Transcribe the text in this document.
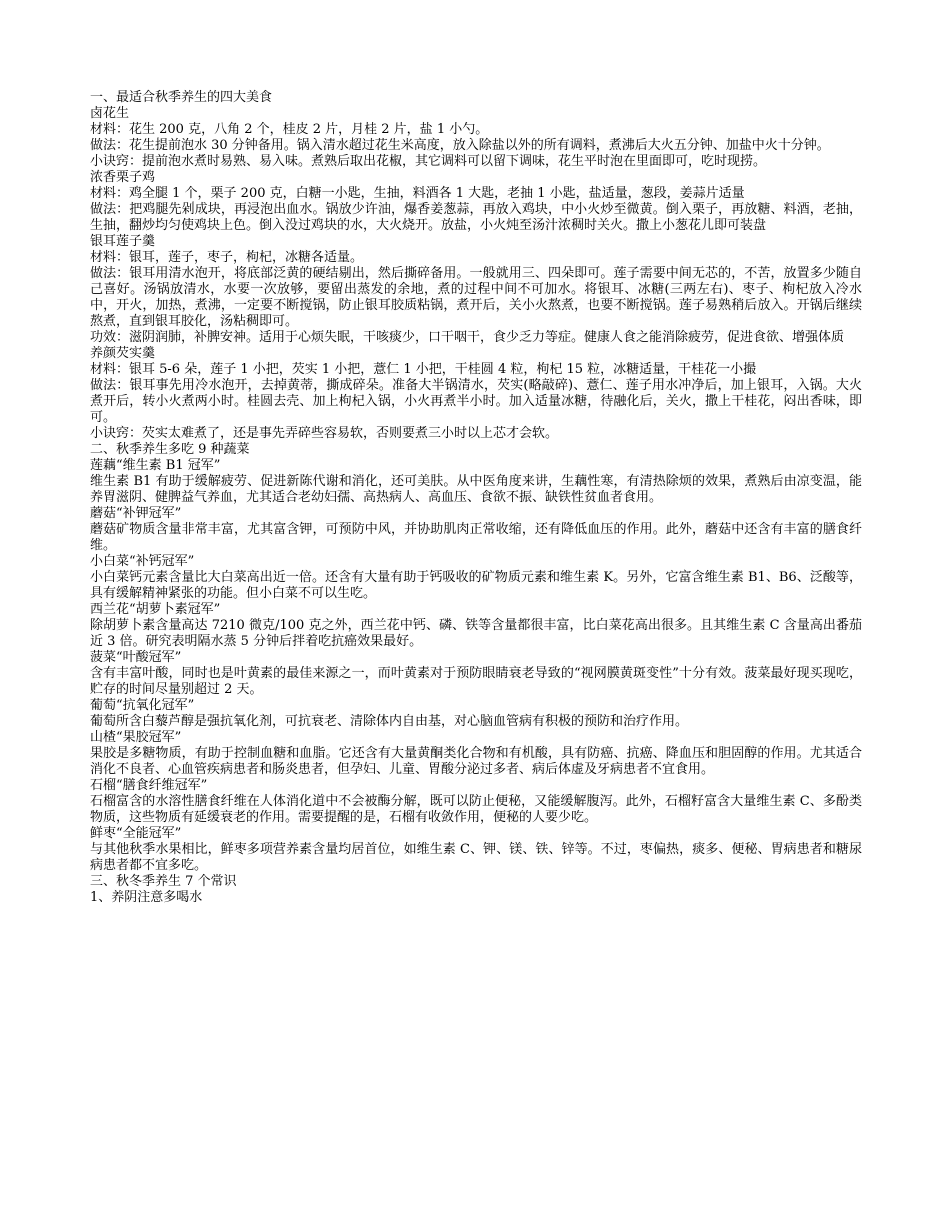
一、最适合秋季养生的四大美食

卤花生

材料：花生 200 克，八角 2 个，桂皮 2 片，月桂 2 片，盐 1 小勺。

做法：花生提前泡水 30 分钟备用。锅入清水超过花生米高度，放入除盐以外的所有调料，煮沸后大火五分钟、加盐中火十分钟。

小诀窍：提前泡水煮时易熟、易入味。煮熟后取出花椒，其它调料可以留下调味，花生平时泡在里面即可，吃时现捞。

浓香栗子鸡

材料：鸡全腿 1 个，栗子 200 克，白糖一小匙，生抽，料酒各 1 大匙，老抽 1 小匙，盐适量，葱段，姜蒜片适量

做法：把鸡腿先剁成块，再浸泡出血水。锅放少许油，爆香姜葱蒜，再放入鸡块，中小火炒至微黄。倒入栗子，再放糖、料酒，老抽，生抽，翻炒均匀使鸡块上色。倒入没过鸡块的水，大火烧开。放盐，小火炖至汤汁浓稠时关火。撒上小葱花儿即可装盘

银耳莲子羹

材料：银耳，莲子，枣子，枸杞，冰糖各适量。

做法：银耳用清水泡开，将底部泛黄的硬结剔出，然后撕碎备用。一般就用三、四朵即可。莲子需要中间无芯的，不苦，放置多少随自己喜好。汤锅放清水，水要一次放够，要留出蒸发的余地，煮的过程中间不可加水。将银耳、冰糖(三两左右)、枣子、枸杞放入冷水中，开火，加热，煮沸，一定要不断搅锅，防止银耳胶质粘锅，煮开后，关小火熬煮，也要不断搅锅。莲子易熟稍后放入。开锅后继续熬煮，直到银耳胶化，汤粘稠即可。

功效：滋阴润肺，补脾安神。适用于心烦失眠，干咳痰少，口干咽干，食少乏力等症。健康人食之能消除疲劳，促进食欲、增强体质

养颜芡实羹

材料：银耳 5-6 朵，莲子 1 小把，芡实 1 小把，薏仁 1 小把，干桂圆 4 粒，枸杞 15 粒，冰糖适量，干桂花一小撮

做法：银耳事先用冷水泡开，去掉黄蒂，撕成碎朵。准备大半锅清水，芡实(略敲碎)、薏仁、莲子用水冲净后，加上银耳，入锅。大火煮开后，转小火煮两小时。桂圆去壳、加上枸杞入锅，小火再煮半小时。加入适量冰糖，待融化后，关火，撒上干桂花，闷出香味，即可。

小诀窍：芡实太难煮了，还是事先弄碎些容易软，否则要煮三小时以上芯才会软。

二、秋季养生多吃 9 种蔬菜

莲藕“维生素 B1 冠军”

维生素 B1 有助于缓解疲劳、促进新陈代谢和消化，还可美肤。从中医角度来讲，生藕性寒，有清热除烦的效果，煮熟后由凉变温，能养胃滋阴、健脾益气养血，尤其适合老幼妇孺、高热病人、高血压、食欲不振、缺铁性贫血者食用。

蘑菇“补钾冠军”

蘑菇矿物质含量非常丰富，尤其富含钾，可预防中风，并协助肌肉正常收缩，还有降低血压的作用。此外，蘑菇中还含有丰富的膳食纤维。

小白菜“补钙冠军”

小白菜钙元素含量比大白菜高出近一倍。还含有大量有助于钙吸收的矿物质元素和维生素 K。另外，它富含维生素 B1、B6、泛酸等，具有缓解精神紧张的功能。但小白菜不可以生吃。

西兰花“胡萝卜素冠军”

除胡萝卜素含量高达 7210 微克/100 克之外，西兰花中钙、磷、铁等含量都很丰富，比白菜花高出很多。且其维生素 C 含量高出番茄近 3 倍。研究表明隔水蒸 5 分钟后拌着吃抗癌效果最好。

菠菜“叶酸冠军”

含有丰富叶酸，同时也是叶黄素的最佳来源之一，而叶黄素对于预防眼睛衰老导致的“视网膜黄斑变性”十分有效。菠菜最好现买现吃，贮存的时间尽量别超过 2 天。

葡萄“抗氧化冠军”

葡萄所含白藜芦醇是强抗氧化剂，可抗衰老、清除体内自由基，对心脑血管病有积极的预防和治疗作用。

山楂“果胶冠军”

果胶是多糖物质，有助于控制血糖和血脂。它还含有大量黄酮类化合物和有机酸，具有防癌、抗癌、降血压和胆固醇的作用。尤其适合消化不良者、心血管疾病患者和肠炎患者，但孕妇、儿童、胃酸分泌过多者、病后体虚及牙病患者不宜食用。

石榴“膳食纤维冠军”

石榴富含的水溶性膳食纤维在人体消化道中不会被酶分解，既可以防止便秘，又能缓解腹泻。此外，石榴籽富含大量维生素 C、多酚类物质，这些物质有延缓衰老的作用。需要提醒的是，石榴有收敛作用，便秘的人要少吃。

鲜枣“全能冠军”

与其他秋季水果相比，鲜枣多项营养素含量均居首位，如维生素 C、钾、镁、铁、锌等。不过，枣偏热，痰多、便秘、胃病患者和糖尿病患者都不宜多吃。

三、秋冬季养生 7 个常识

1、养阴注意多喝水
